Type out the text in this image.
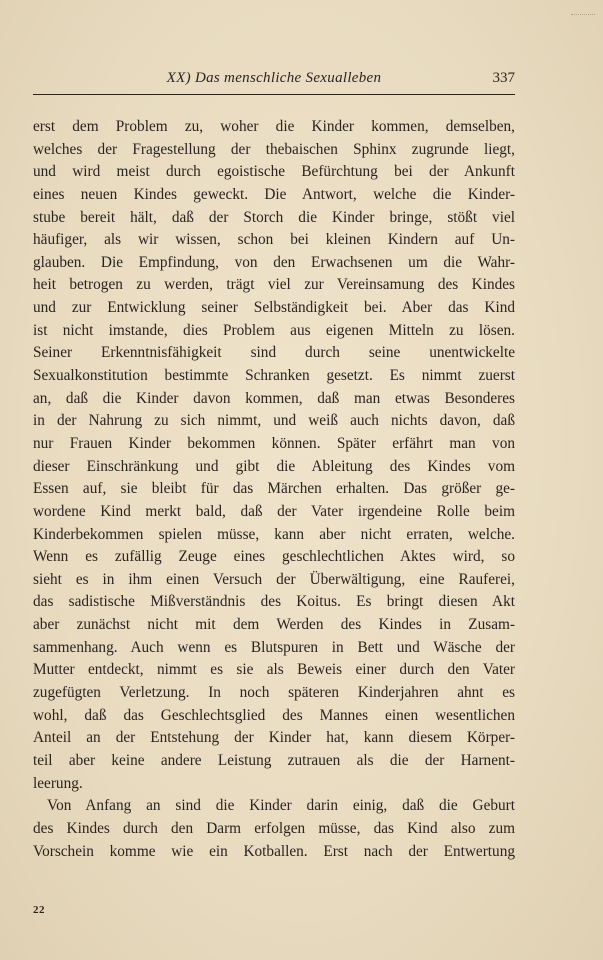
XX) Das menschliche Sexualleben	337
erst dem Problem zu, woher die Kinder kommen, demselben,
welches der Fragestellung der thebaischen Sphinx zugrunde liegt,
und wird meist durch egoistische Befürchtung bei der Ankunft
eines neuen Kindes geweckt. Die Antwort, welche die Kinder-
stube bereit hält, daß der Storch die Kinder bringe, stößt viel
häufiger, als wir wissen, schon bei kleinen Kindern auf Un-
glauben. Die Empfindung, von den Erwachsenen um die Wahr-
heit betrogen zu werden, trägt viel zur Vereinsamung des Kindes
und zur Entwicklung seiner Selbständigkeit bei. Aber das Kind
ist nicht imstande, dies Problem aus eigenen Mitteln zu lösen.
Seiner Erkenntnisfähigkeit sind durch seine unentwickelte
Sexualkonstitution bestimmte Schranken gesetzt. Es nimmt zuerst
an, daß die Kinder davon kommen, daß man etwas Besonderes
in der Nahrung zu sich nimmt, und weiß auch nichts davon, daß
nur Frauen Kinder bekommen können. Später erfährt man von
dieser Einschränkung und gibt die Ableitung des Kindes vom
Essen auf, sie bleibt für das Märchen erhalten. Das größer ge-
wordene Kind merkt bald, daß der Vater irgendeine Rolle beim
Kinderbekommen spielen müsse, kann aber nicht erraten, welche.
Wenn es zufällig Zeuge eines geschlechtlichen Aktes wird, so
sieht es in ihm einen Versuch der Überwältigung, eine Rauferei,
das sadistische Mißverständnis des Koitus. Es bringt diesen Akt
aber zunächst nicht mit dem Werden des Kindes in Zusam-
sammenhang. Auch wenn es Blutspuren in Bett und Wäsche der
Mutter entdeckt, nimmt es sie als Beweis einer durch den Vater
zugefügten Verletzung. In noch späteren Kinderjahren ahnt es
wohl, daß das Geschlechtsglied des Mannes einen wesentlichen
Anteil an der Entstehung der Kinder hat, kann diesem Körper-
teil aber keine andere Leistung zutrauen als die der Harnent-
leerung.
Von Anfang an sind die Kinder darin einig, daß die Geburt
des Kindes durch den Darm erfolgen müsse, das Kind also zum
Vorschein komme wie ein Kotballen. Erst nach der Entwertung
22
